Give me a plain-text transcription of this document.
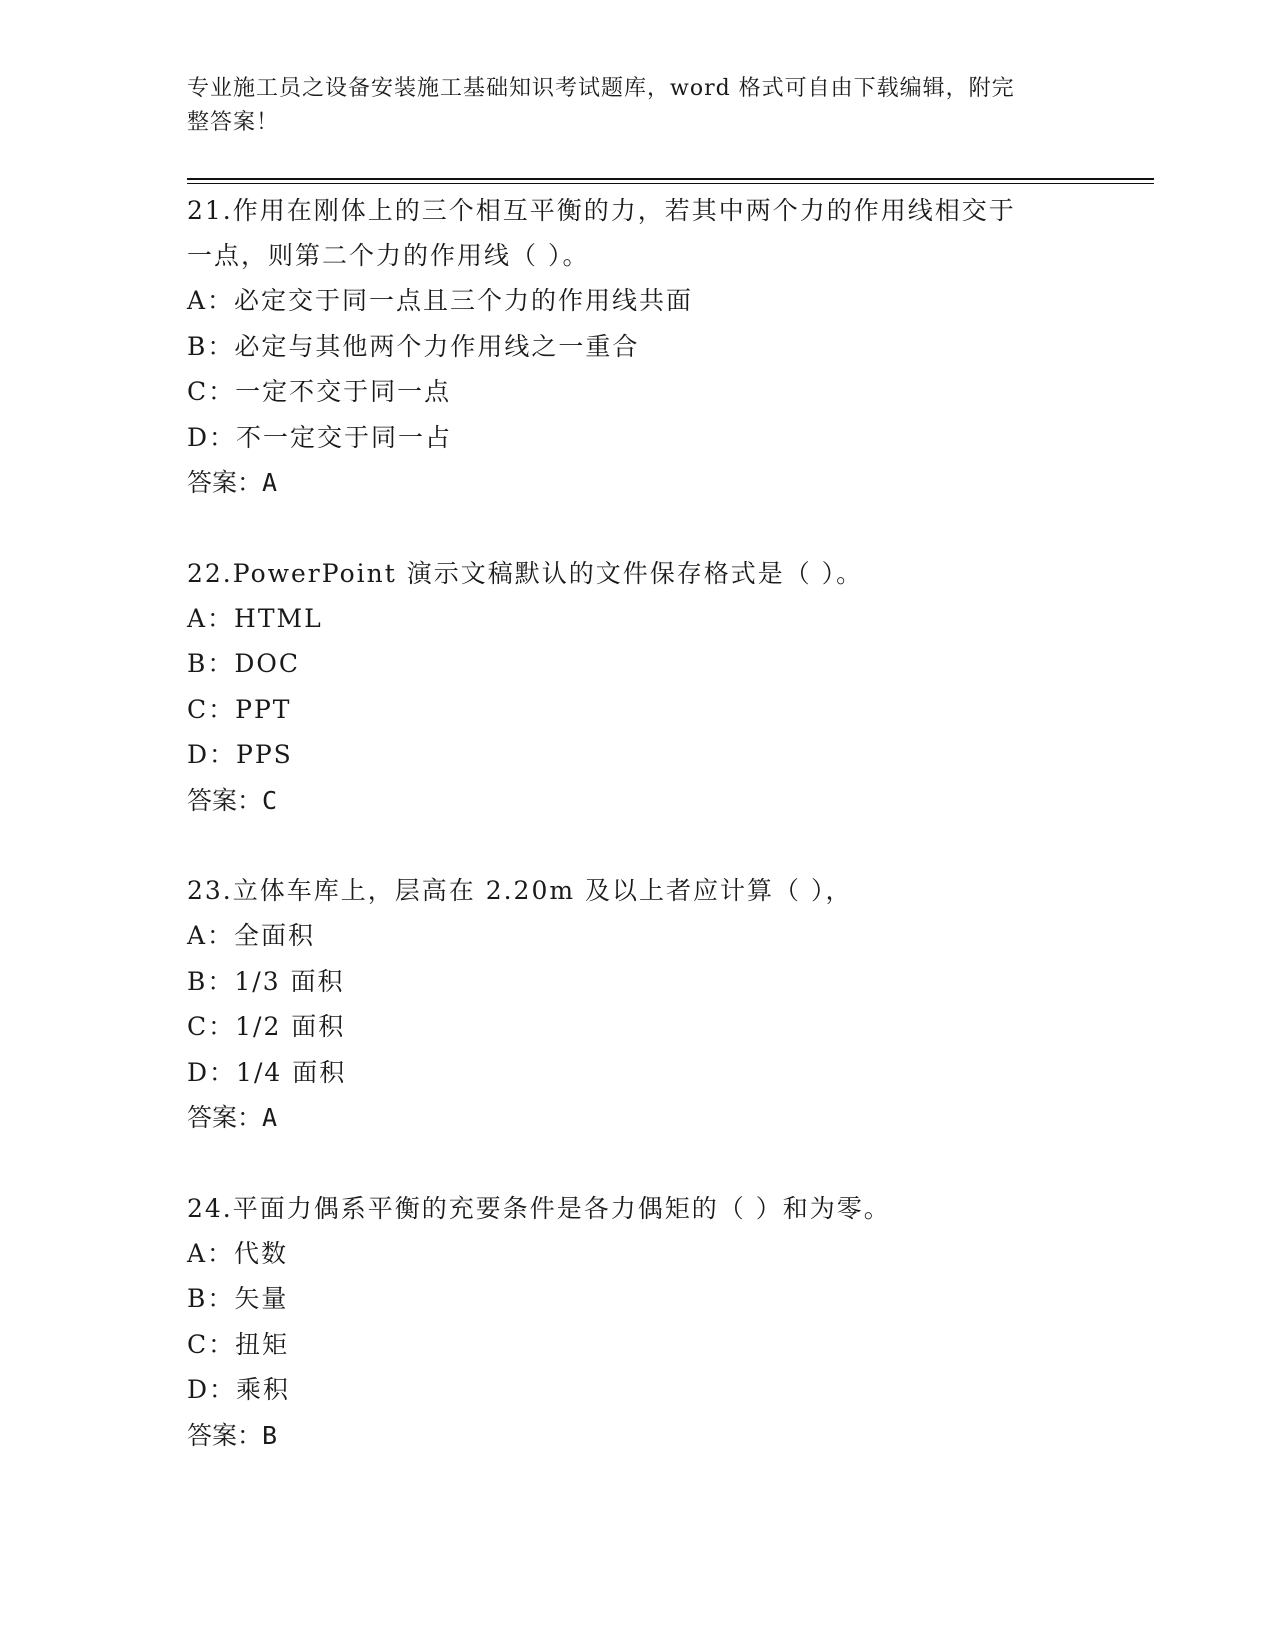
专业施工员之设备安装施工基础知识考试题库，word 格式可自由下载编辑，附完
整答案！

21.作用在刚体上的三个相互平衡的力，若其中两个力的作用线相交于

一点，则第二个力的作用线（ ）。

A：必定交于同一点且三个力的作用线共面

B：必定与其他两个力作用线之一重合

C：一定不交于同一点

D：不一定交于同一占

答案：A

22.PowerPoint 演示文稿默认的文件保存格式是（ ）。

A：HTML

B：DOC

C：PPT

D：PPS

答案：C

23.立体车库上，层高在 2.20m 及以上者应计算（ ），

A：全面积

B：1/3 面积

C：1/2 面积

D：1/4 面积

答案：A

24.平面力偶系平衡的充要条件是各力偶矩的（ ）和为零。

A：代数

B：矢量

C：扭矩

D：乘积

答案：B
